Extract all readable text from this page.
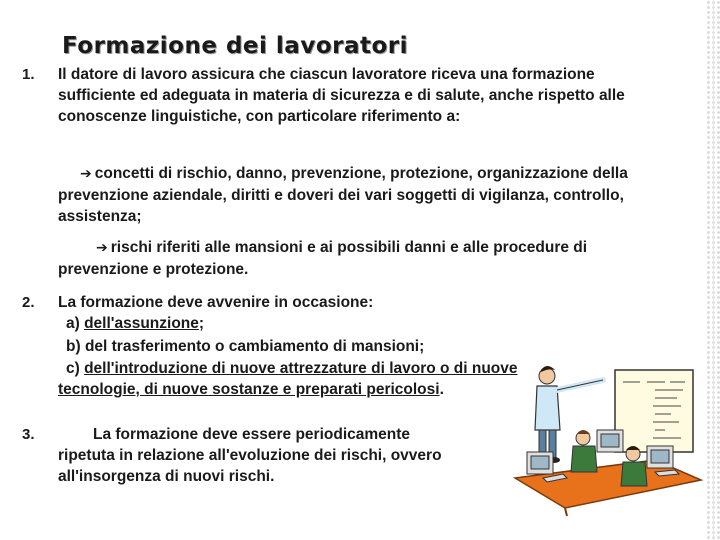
Formazione dei lavoratori
1. Il datore di lavoro assicura che ciascun lavoratore riceva una formazione sufficiente ed adeguata in materia di sicurezza e di salute, anche rispetto alle conoscenze linguistiche, con particolare riferimento a:

➔ concetti di rischio, danno, prevenzione, protezione, organizzazione della prevenzione aziendale, diritti e doveri dei vari soggetti di vigilanza, controllo, assistenza;

➔ rischi riferiti alle mansioni e ai possibili danni e alle procedure di prevenzione e protezione.

2. La formazione deve avvenire in occasione:

a) dell'assunzione;

b) del trasferimento o cambiamento di mansioni;

c) dell'introduzione di nuove attrezzature di lavoro o di nuove tecnologie, di nuove sostanze e preparati pericolosi.

3.	La formazione deve essere periodicamente ripetuta in relazione all'evoluzione dei rischi, ovvero all'insorgenza di nuovi rischi.
